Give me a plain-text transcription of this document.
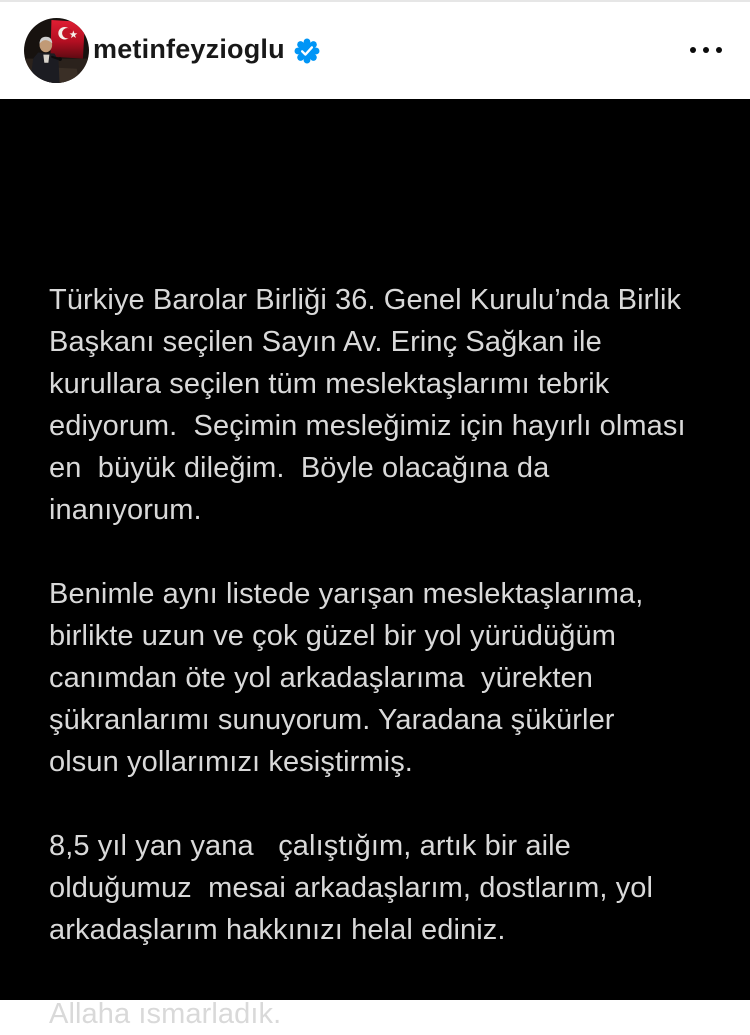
metinfeyzioglu
Türkiye Barolar Birliği 36. Genel Kurulu’nda Birlik
Başkanı seçilen Sayın Av. Erinç Sağkan ile
kurullara seçilen tüm meslektaşlarımı tebrik
ediyorum.  Seçimin mesleğimiz için hayırlı olması
en  büyük dileğim.  Böyle olacağına da
inanıyorum.
Benimle aynı listede yarışan meslektaşlarıma,
birlikte uzun ve çok güzel bir yol yürüdüğüm
canımdan öte yol arkadaşlarıma  yürekten
şükranlarımı sunuyorum. Yaradana şükürler
olsun yollarımızı kesiştirmiş.
8,5 yıl yan yana   çalıştığım, artık bir aile
olduğumuz  mesai arkadaşlarım, dostlarım, yol
arkadaşlarım hakkınızı helal ediniz.
Allaha ısmarladık.
